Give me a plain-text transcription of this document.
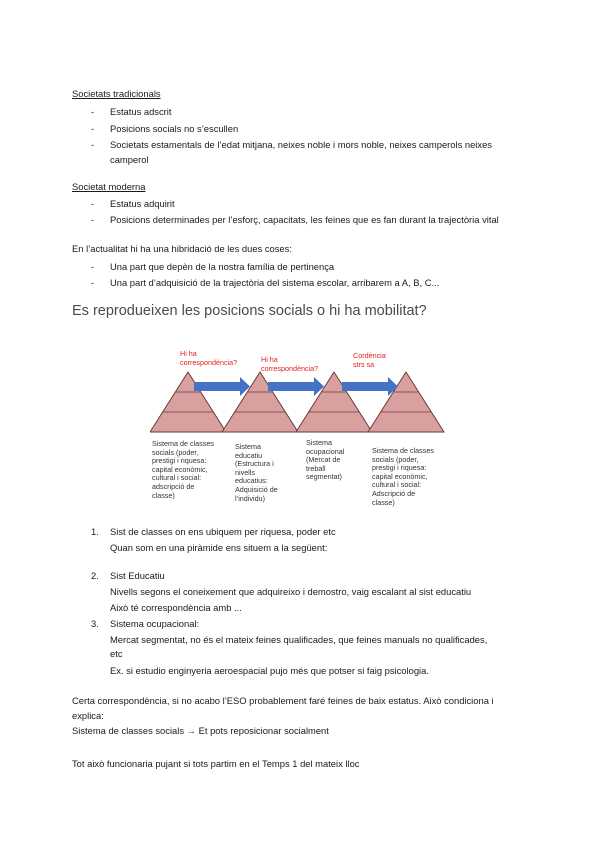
Societats tradicionals
- Estatus adscrit
- Posicions socials no s’escullen
- Societats estamentals de l’edat mitjana, neixes noble i mors noble, neixes camperols neixes
camperol
Societat moderna
- Estatus adquirit
- Posicions determinades per l’esforç, capacitats, les feines que es fan durant la trajectòria vital
En l’actualitat hi ha una hibridació de les dues coses:
- Una part que depèn de la nostra família de pertinença
- Una part d’adquisició de la trajectòria del sistema escolar, arribarem a A, B, C...
Es reprodueixen les posicions socials o hi ha mobilitat?
Hi ha
correspondència?	Hi ha
correspondència?
Cordència
strs sa
Sistema de classes
socials (poder,
prestigi i riquesa:
capital econòmic,
cultural i social:
adscripció de
classe)
Sistema
educatiu
(Estructura i
nivells
educatius:
Adquisició de
l’individu)
Sistema
ocupacional
(Mercat de
treball
segmentat)
Sistema de classes
socials (poder,
prestigi i riquesa:
capital econòmic,
cultural i social:
Adscripció de
classe)
1. Sist de classes on ens ubiquem per riquesa, poder etc
Quan som en una piràmide ens situem a la següent:
2. Sist Educatiu
Nivells segons el coneixement que adquireixo i demostro, vaig escalant al sist educatiu
Això té correspondència amb ...
3. Sistema ocupacional:
Mercat segmentat, no és el mateix feines qualificades, que feines manuals no qualificades,
etc
Ex. si estudio enginyeria aeroespacial pujo més que potser si faig psicologia.
Certa correspondència, si no acabo l’ESO probablement faré feines de baix estatus. Això condiciona i
explica:
Sistema de classes socials → Et pots reposicionar socialment
Tot això funcionaria pujant si tots partim en el Temps 1 del mateix lloc
